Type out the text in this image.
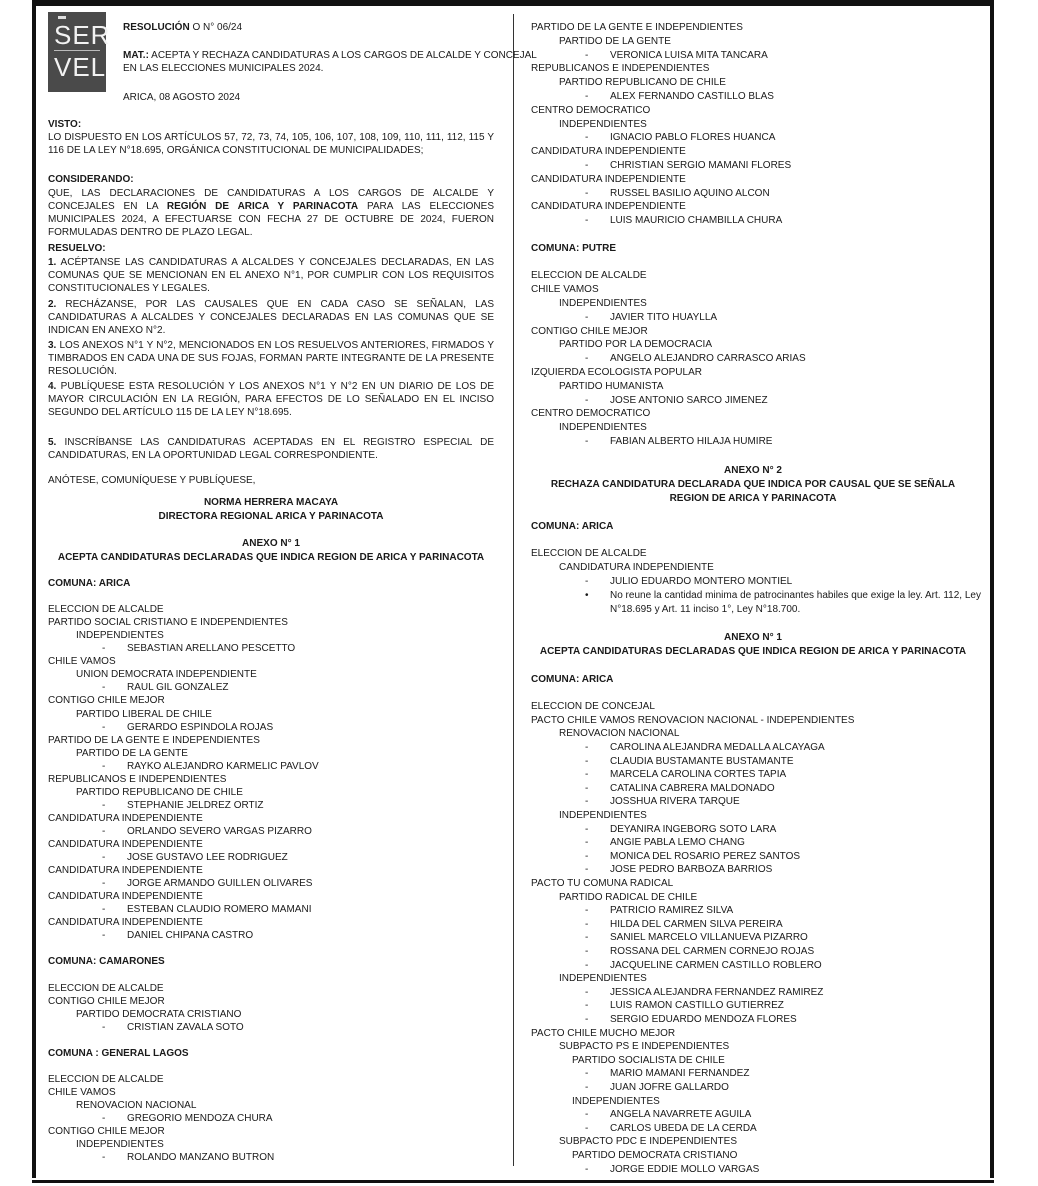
SER
VEL
RESOLUCIÓN O N° 06/24
MAT.: ACEPTA Y RECHAZA CANDIDATURAS A LOS CARGOS DE ALCALDE Y CONCEJAL
EN LAS ELECCIONES MUNICIPALES 2024.
ARICA, 08 AGOSTO 2024
VISTO:
LO DISPUESTO EN LOS ARTÍCULOS 57, 72, 73, 74, 105, 106, 107, 108, 109, 110, 111, 112, 115 Y 116 DE LA LEY N°18.695, ORGÁNICA CONSTITUCIONAL DE MUNICIPALIDADES;
CONSIDERANDO:
QUE, LAS DECLARACIONES DE CANDIDATURAS A LOS CARGOS DE ALCALDE Y CONCEJALES EN LA REGIÓN DE ARICA Y PARINACOTA PARA LAS ELECCIONES MUNICIPALES 2024, A EFECTUARSE CON FECHA 27 DE OCTUBRE DE 2024, FUERON FORMULADAS DENTRO DE PLAZO LEGAL.
RESUELVO:
1. ACÉPTANSE LAS CANDIDATURAS A ALCALDES Y CONCEJALES DECLARADAS, EN LAS COMUNAS QUE SE MENCIONAN EN EL ANEXO N°1, POR CUMPLIR CON LOS REQUISITOS CONSTITUCIONALES Y LEGALES.
2. RECHÁZANSE, POR LAS CAUSALES QUE EN CADA CASO SE SEÑALAN, LAS CANDIDATURAS A ALCALDES Y CONCEJALES DECLARADAS EN LAS COMUNAS QUE SE INDICAN EN ANEXO N°2.
3. LOS ANEXOS N°1 Y N°2, MENCIONADOS EN LOS RESUELVOS ANTERIORES, FIRMADOS Y TIMBRADOS EN CADA UNA DE SUS FOJAS, FORMAN PARTE INTEGRANTE DE LA PRESENTE RESOLUCIÓN.
4. PUBLÍQUESE ESTA RESOLUCIÓN Y LOS ANEXOS N°1 Y N°2 EN UN DIARIO DE LOS DE MAYOR CIRCULACIÓN EN LA REGIÓN, PARA EFECTOS DE LO SEÑALADO EN EL INCISO SEGUNDO DEL ARTÍCULO 115 DE LA LEY N°18.695.
5. INSCRÍBANSE LAS CANDIDATURAS ACEPTADAS EN EL REGISTRO ESPECIAL DE CANDIDATURAS, EN LA OPORTUNIDAD LEGAL CORRESPONDIENTE.
ANÓTESE, COMUNÍQUESE Y PUBLÍQUESE,
NORMA HERRERA MACAYA
DIRECTORA REGIONAL ARICA Y PARINACOTA
ANEXO N° 1
ACEPTA CANDIDATURAS DECLARADAS QUE INDICA REGION DE ARICA Y PARINACOTA
COMUNA: ARICA
ELECCION DE ALCALDE
PARTIDO SOCIAL CRISTIANO E INDEPENDIENTES
INDEPENDIENTES
- SEBASTIAN ARELLANO PESCETTO
CHILE VAMOS
UNION DEMOCRATA INDEPENDIENTE
- RAUL GIL GONZALEZ
CONTIGO CHILE MEJOR
PARTIDO LIBERAL DE CHILE
- GERARDO ESPINDOLA ROJAS
PARTIDO DE LA GENTE E INDEPENDIENTES
PARTIDO DE LA GENTE
- RAYKO ALEJANDRO KARMELIC PAVLOV
REPUBLICANOS E INDEPENDIENTES
PARTIDO REPUBLICANO DE CHILE
- STEPHANIE JELDREZ ORTIZ
CANDIDATURA INDEPENDIENTE
- ORLANDO SEVERO VARGAS PIZARRO
CANDIDATURA INDEPENDIENTE
- JOSE GUSTAVO LEE RODRIGUEZ
CANDIDATURA INDEPENDIENTE
- JORGE ARMANDO GUILLEN OLIVARES
CANDIDATURA INDEPENDIENTE
- ESTEBAN CLAUDIO ROMERO MAMANI
CANDIDATURA INDEPENDIENTE
- DANIEL CHIPANA CASTRO
COMUNA: CAMARONES
ELECCION DE ALCALDE
CONTIGO CHILE MEJOR
PARTIDO DEMOCRATA CRISTIANO
- CRISTIAN ZAVALA SOTO
COMUNA : GENERAL LAGOS
ELECCION DE ALCALDE
CHILE VAMOS
RENOVACION NACIONAL
- GREGORIO MENDOZA CHURA
CONTIGO CHILE MEJOR
INDEPENDIENTES
- ROLANDO MANZANO BUTRON
PARTIDO DE LA GENTE E INDEPENDIENTES
PARTIDO DE LA GENTE
- VERONICA LUISA MITA TANCARA
REPUBLICANOS E INDEPENDIENTES
PARTIDO REPUBLICANO DE CHILE
- ALEX FERNANDO CASTILLO BLAS
CENTRO DEMOCRATICO
INDEPENDIENTES
- IGNACIO PABLO FLORES HUANCA
CANDIDATURA INDEPENDIENTE
- CHRISTIAN SERGIO MAMANI FLORES
CANDIDATURA INDEPENDIENTE
- RUSSEL BASILIO AQUINO ALCON
CANDIDATURA INDEPENDIENTE
- LUIS MAURICIO CHAMBILLA CHURA
COMUNA: PUTRE
ELECCION DE ALCALDE
CHILE VAMOS
INDEPENDIENTES
- JAVIER TITO HUAYLLA
CONTIGO CHILE MEJOR
PARTIDO POR LA DEMOCRACIA
- ANGELO ALEJANDRO CARRASCO ARIAS
IZQUIERDA ECOLOGISTA POPULAR
PARTIDO HUMANISTA
- JOSE ANTONIO SARCO JIMENEZ
CENTRO DEMOCRATICO
INDEPENDIENTES
- FABIAN ALBERTO HILAJA HUMIRE
ANEXO N° 2
RECHAZA CANDIDATURA DECLARADA QUE INDICA POR CAUSAL QUE SE SEÑALA
REGION DE ARICA Y PARINACOTA
COMUNA: ARICA
ELECCION DE ALCALDE
CANDIDATURA INDEPENDIENTE
- JULIO EDUARDO MONTERO MONTIEL
• No reune la cantidad minima de patrocinantes habiles que exige la ley. Art. 112, Ley
N°18.695 y Art. 11 inciso 1°, Ley N°18.700.
ANEXO N° 1
ACEPTA CANDIDATURAS DECLARADAS QUE INDICA REGION DE ARICA Y PARINACOTA
COMUNA: ARICA
ELECCION DE CONCEJAL
PACTO CHILE VAMOS RENOVACION NACIONAL - INDEPENDIENTES
RENOVACION NACIONAL
- CAROLINA ALEJANDRA MEDALLA ALCAYAGA
- CLAUDIA BUSTAMANTE BUSTAMANTE
- MARCELA CAROLINA CORTES TAPIA
- CATALINA CABRERA MALDONADO
- JOSSHUA RIVERA TARQUE
INDEPENDIENTES
- DEYANIRA INGEBORG SOTO LARA
- ANGIE PABLA LEMO CHANG
- MONICA DEL ROSARIO PEREZ SANTOS
- JOSE PEDRO BARBOZA BARRIOS
PACTO TU COMUNA RADICAL
PARTIDO RADICAL DE CHILE
- PATRICIO RAMIREZ SILVA
- HILDA DEL CARMEN SILVA PEREIRA
- SANIEL MARCELO VILLANUEVA PIZARRO
- ROSSANA DEL CARMEN CORNEJO ROJAS
- JACQUELINE CARMEN CASTILLO ROBLERO
INDEPENDIENTES
- JESSICA ALEJANDRA FERNANDEZ RAMIREZ
- LUIS RAMON CASTILLO GUTIERREZ
- SERGIO EDUARDO MENDOZA FLORES
PACTO CHILE MUCHO MEJOR
SUBPACTO PS E INDEPENDIENTES
PARTIDO SOCIALISTA DE CHILE
- MARIO MAMANI FERNANDEZ
- JUAN JOFRE GALLARDO
INDEPENDIENTES
- ANGELA NAVARRETE AGUILA
- CARLOS UBEDA DE LA CERDA
SUBPACTO PDC E INDEPENDIENTES
PARTIDO DEMOCRATA CRISTIANO
- JORGE EDDIE MOLLO VARGAS
